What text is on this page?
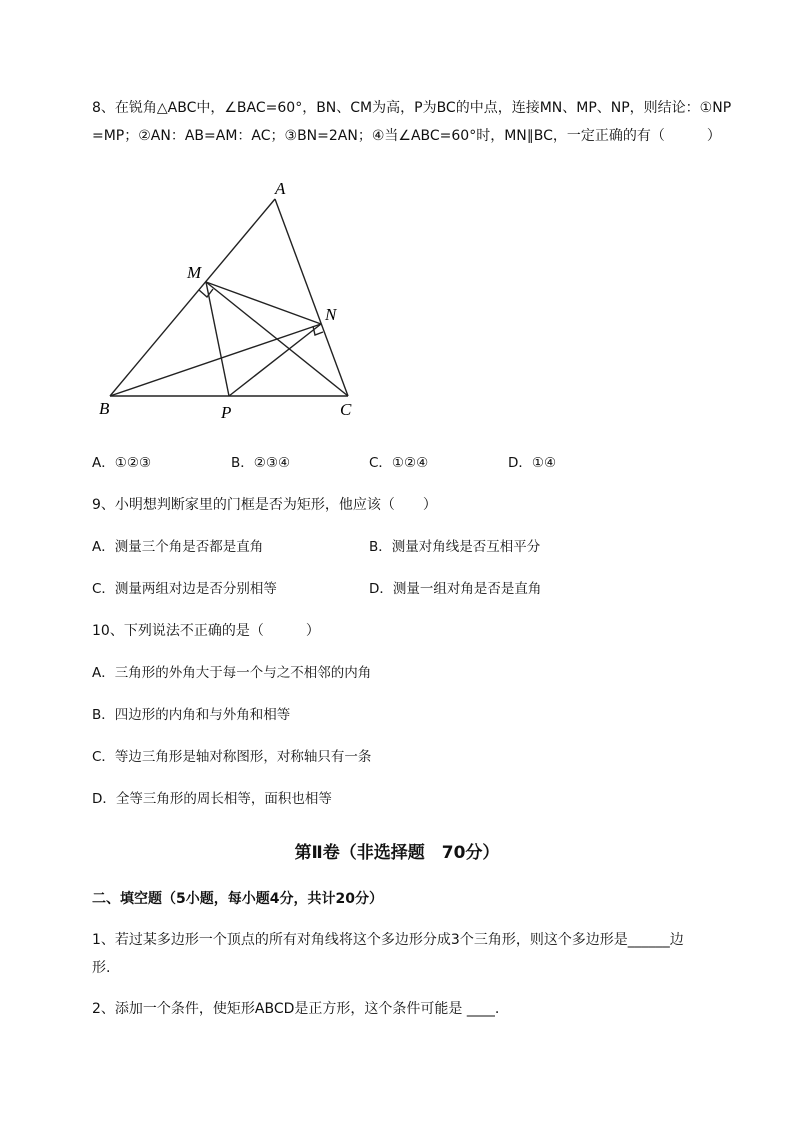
8、在锐角△ABC中，∠BAC=60°，BN、CM为高，P为BC的中点，连接MN、MP、NP，则结论：①NP
=MP；②AN：AB=AM：AC；③BN=2AN；④当∠ABC=60°时，MN∥BC，一定正确的有（　　　）
A
M
N
B	P	C
A．①②③	B．②③④	C．①②④	D．①④
9、小明想判断家里的门框是否为矩形，他应该（　　）
A．测量三个角是否都是直角	B．测量对角线是否互相平分
C．测量两组对边是否分别相等	D．测量一组对角是否是直角
10、下列说法不正确的是（　　　）
A．三角形的外角大于每一个与之不相邻的内角
B．四边形的内角和与外角和相等
C．等边三角形是轴对称图形，对称轴只有一条
D．全等三角形的周长相等，面积也相等
第Ⅱ卷（非选择题　70分）
二、填空题（5小题，每小题4分，共计20分）
1、若过某多边形一个顶点的所有对角线将这个多边形分成3个三角形，则这个多边形是______边
形.
2、添加一个条件，使矩形ABCD是正方形，这个条件可能是 ____.
